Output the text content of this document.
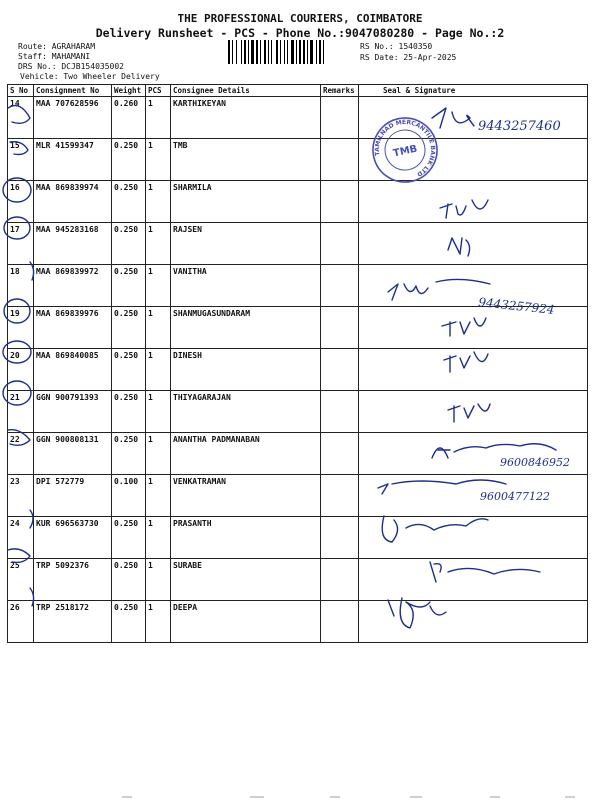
THE PROFESSIONAL COURIERS, COIMBATORE
Delivery Runsheet - PCS - Phone No.:9047080280 - Page No.:2
Route: AGRAHARAM
Staff: MAHAMANI
DRS No.: DCJB154035002
Vehicle: Two Wheeler Delivery
RS No.: 1540350
RS Date: 25-Apr-2025
S No	Consignment No	Weight	PCS	Consignee Details	Remarks	Seal & Signature
14	MAA 707628596	0.260	1	KARTHIKEYAN		
15	MLR 41599347	0.250	1	TMB		
16	MAA 869839974	0.250	1	SHARMILA		
17	MAA 945283168	0.250	1	RAJSEN		
18	MAA 869839972	0.250	1	VANITHA		
19	MAA 869839976	0.250	1	SHANMUGASUNDARAM		
20	MAA 869840085	0.250	1	DINESH		
21	GGN 900791393	0.250	1	THIYAGARAJAN		
22	GGN 900808131	0.250	1	ANANTHA PADMANABAN		
23	DPI 572779	0.100	1	VENKATRAMAN		
24	KUR 696563730	0.250	1	PRASANTH		
25	TRP 5092376	0.250	1	SURABE		
26	TRP 2518172	0.250	1	DEEPA		
TAMILNAD MERCANTILE BANK LTD
TMB
9443257460
9443257924
9600846952
9600477122
